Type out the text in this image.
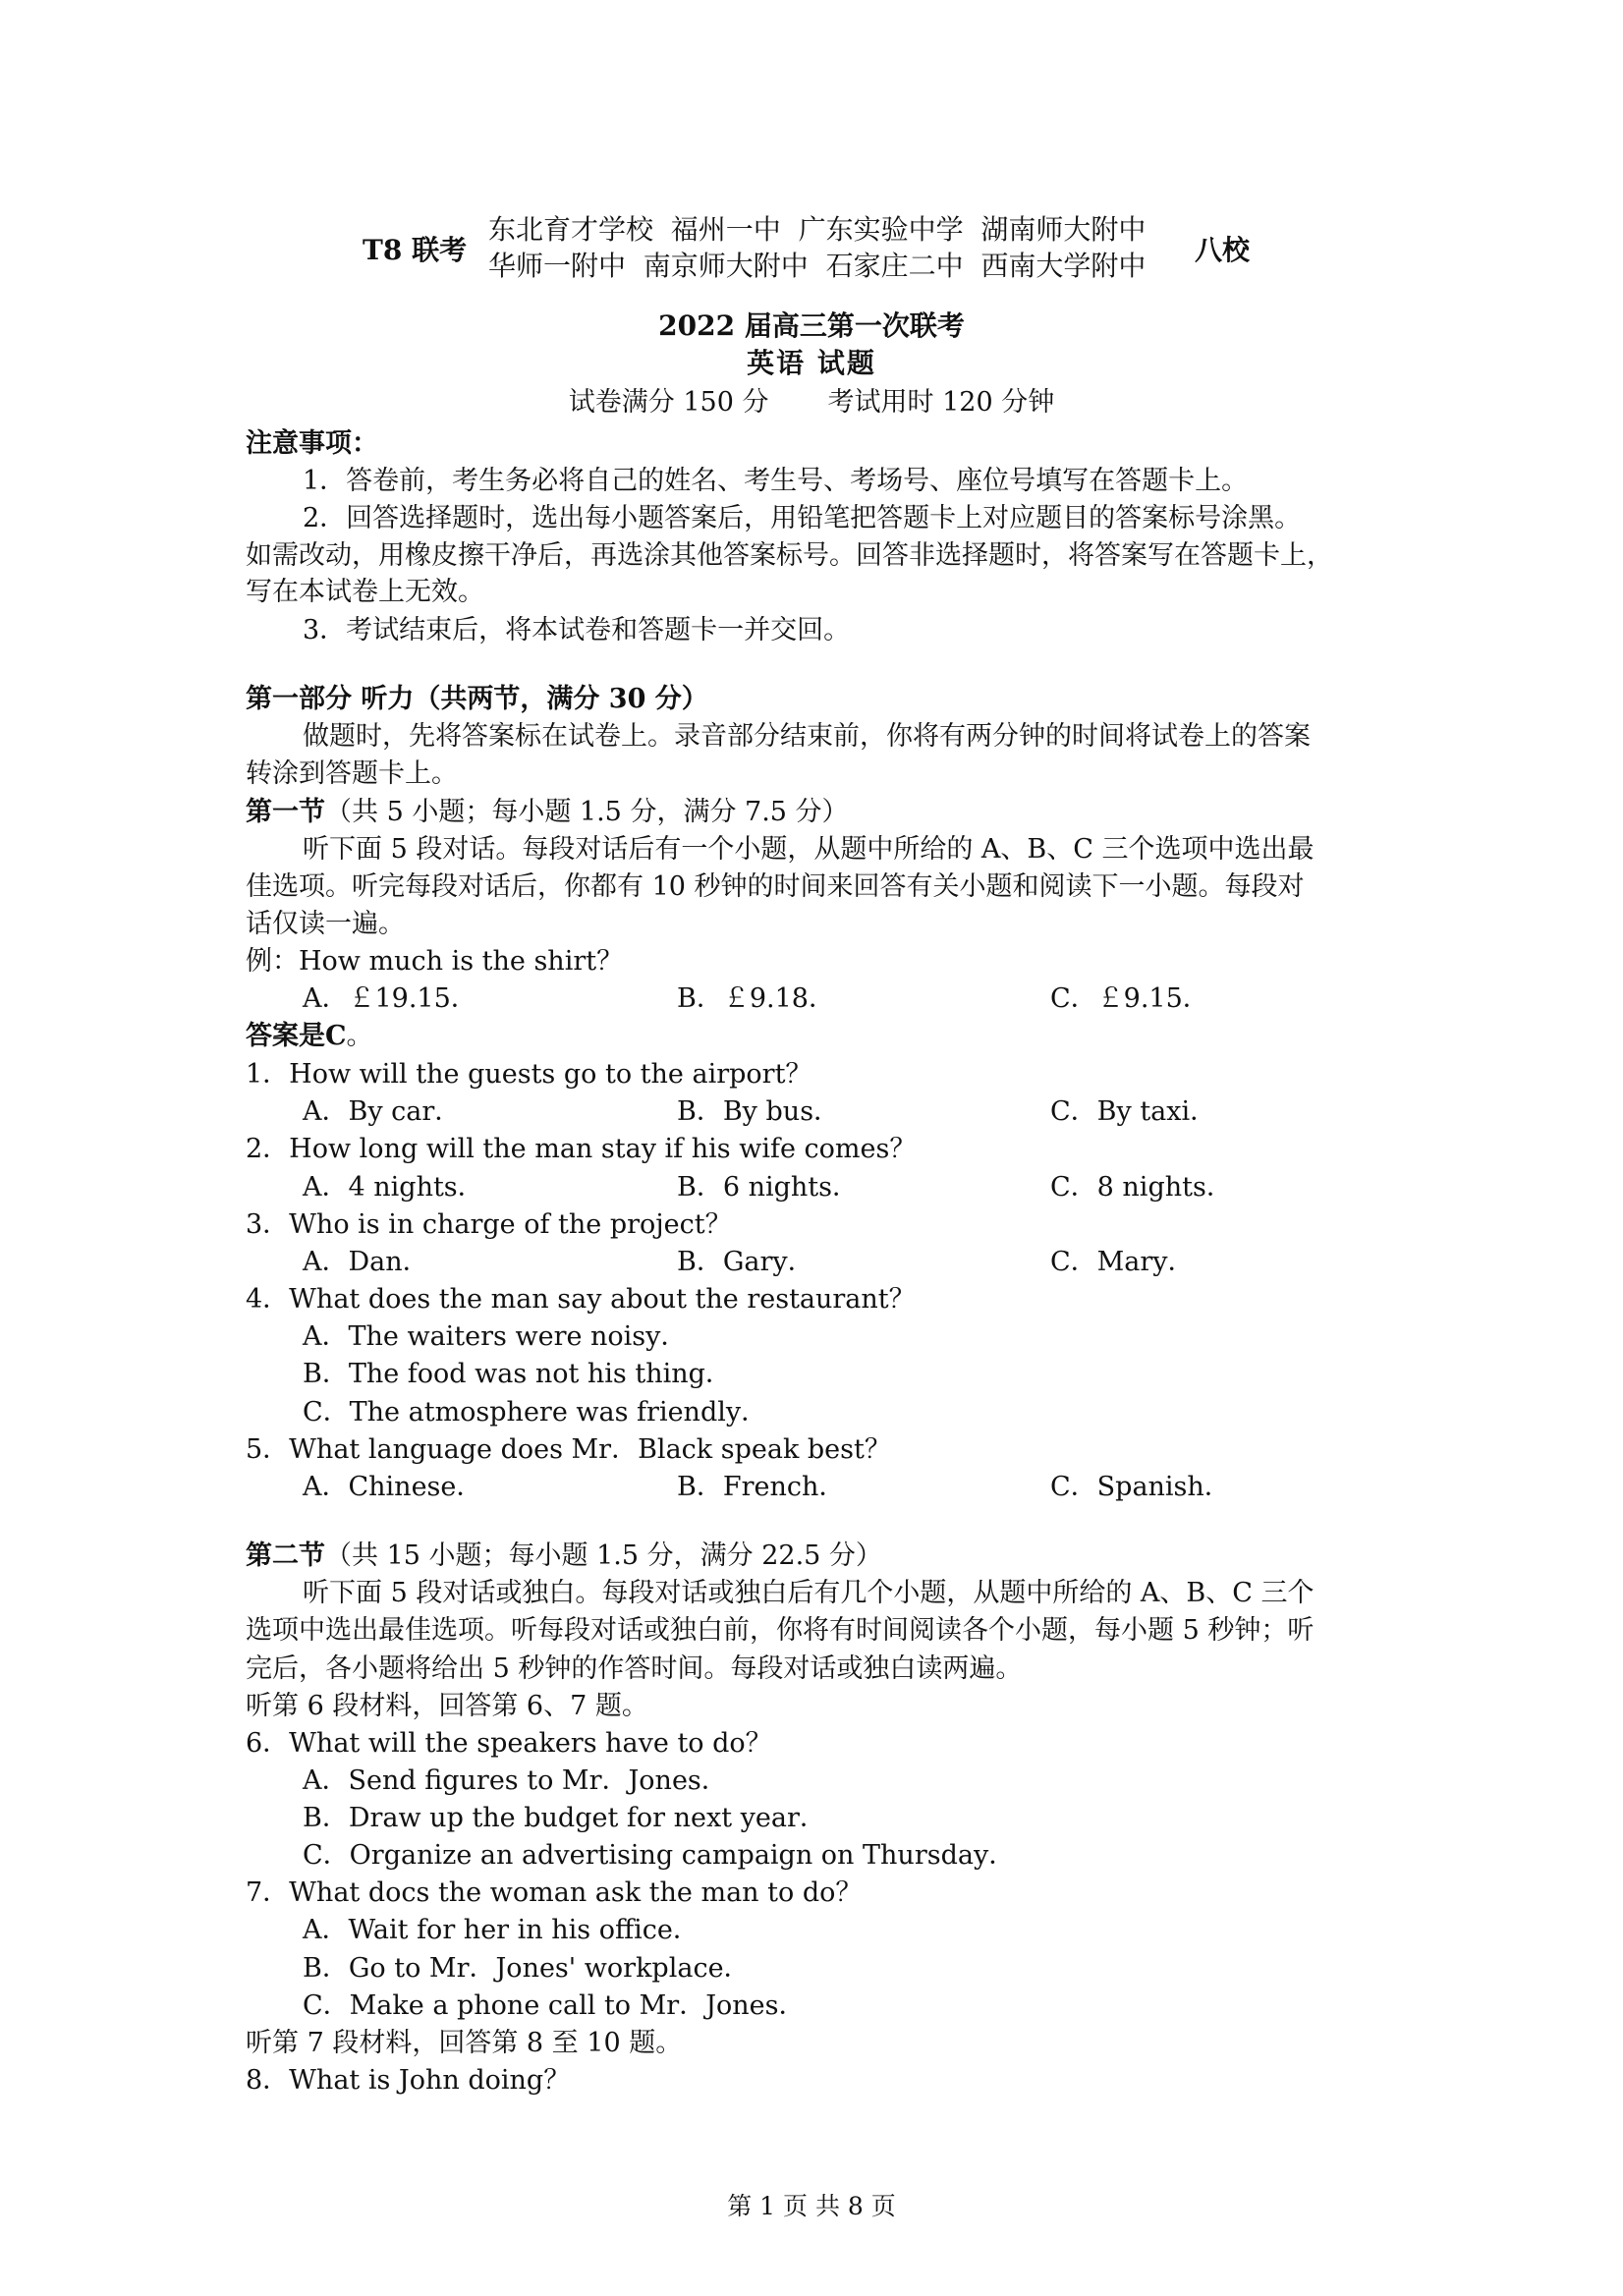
T8 联考
东北育才学校  福州一中  广东实验中学  湖南师大附中
华师一附中  南京师大附中  石家庄二中  西南大学附中 八校
2022 届高三第一次联考
英语 试题
试卷满分 150 分       考试用时 120 分钟
注意事项：
1．答卷前，考生务必将自己的姓名、考生号、考场号、座位号填写在答题卡上。
2．回答选择题时，选出每小题答案后，用铅笔把答题卡上对应题目的答案标号涂黑。
如需改动，用橡皮擦干净后，再选涂其他答案标号。回答非选择题时，将答案写在答题卡上，
写在本试卷上无效。
3．考试结束后，将本试卷和答题卡一并交回。
第一部分 听力（共两节，满分 30 分）
做题时，先将答案标在试卷上。录音部分结束前，你将有两分钟的时间将试卷上的答案
转涂到答题卡上。
第一节（共 5 小题；每小题 1.5 分，满分 7.5 分）
听下面 5 段对话。每段对话后有一个小题，从题中所给的 A、B、C 三个选项中选出最
佳选项。听完每段对话后，你都有 10 秒钟的时间来回答有关小题和阅读下一小题。每段对
话仅读一遍。
例：How much is the shirt？
A．￡19.15．	B．￡9.18．	C．￡9.15．
答案是C。
1．How will the guests go to the airport？
A．By car．	B．By bus．	C．By taxi．
2．How long will the man stay if his wife comes？
A．4 nights．	B．6 nights．	C．8 nights．
3．Who is in charge of the project？
A．Dan．	B．Gary．	C．Mary．
4．What does the man say about the restaurant？
A．The waiters were noisy．
B．The food was not his thing．
C．The atmosphere was friendly．
5．What language does Mr．Black speak best？
A．Chinese．	B．French．	C．Spanish．
第二节（共 15 小题；每小题 1.5 分，满分 22.5 分）
听下面 5 段对话或独白。每段对话或独白后有几个小题，从题中所给的 A、B、C 三个
选项中选出最佳选项。听每段对话或独白前，你将有时间阅读各个小题，每小题 5 秒钟；听
完后，各小题将给出 5 秒钟的作答时间。每段对话或独白读两遍。
听第 6 段材料，回答第 6、7 题。
6．What will the speakers have to do？
A．Send figures to Mr．Jones．
B．Draw up the budget for next year．
C．Organize an advertising campaign on Thursday．
7．What docs the woman ask the man to do？
A．Wait for her in his office．
B．Go to Mr．Jones' workplace．
C．Make a phone call to Mr．Jones．
听第 7 段材料，回答第 8 至 10 题。
8．What is John doing？
第 1 页 共 8 页
